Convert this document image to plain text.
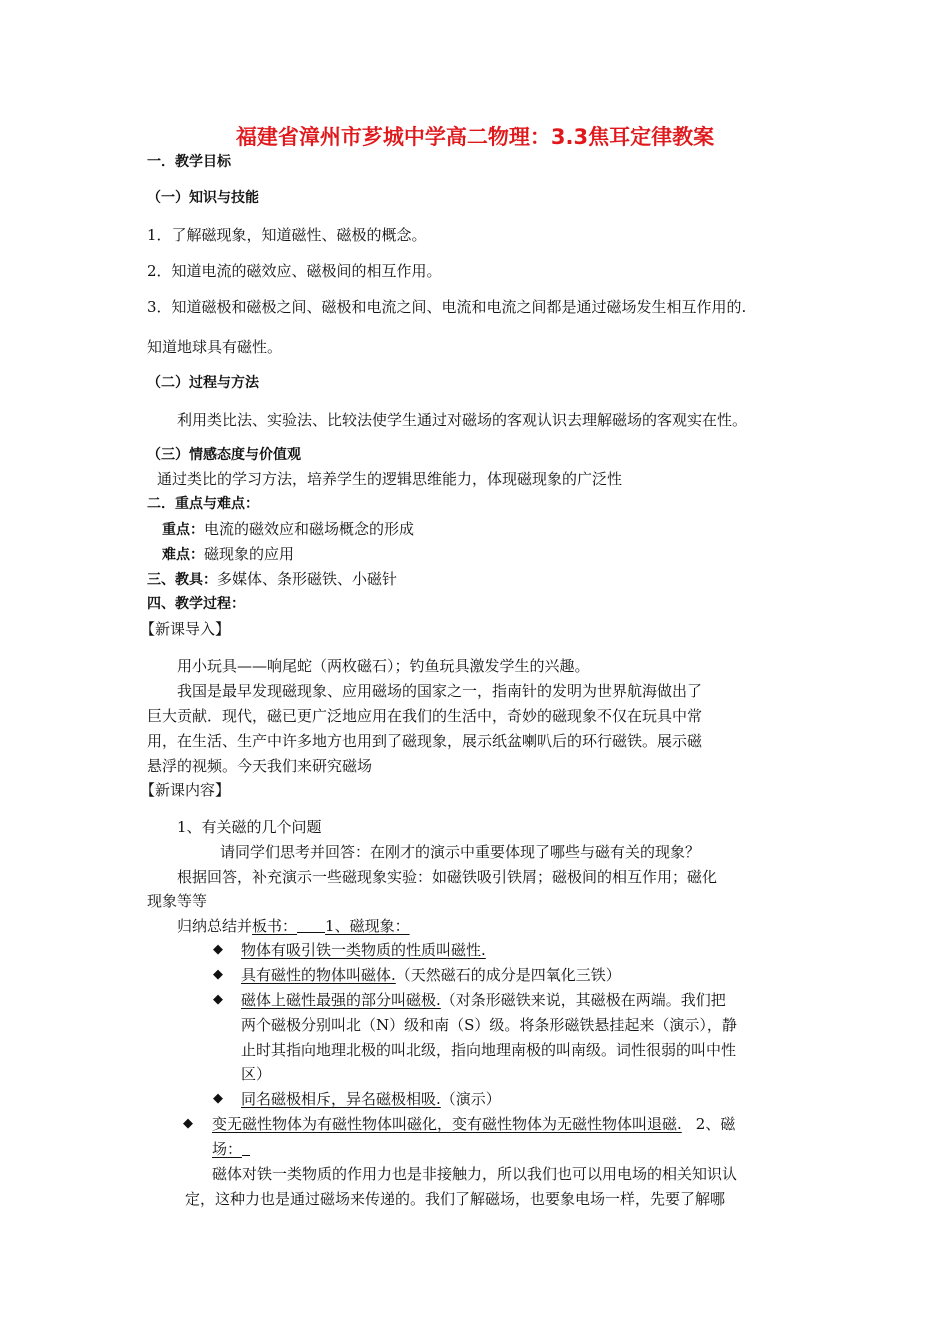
福建省漳州市芗城中学高二物理：3.3焦耳定律教案
一．教学目标
（一）知识与技能
1．了解磁现象，知道磁性、磁极的概念。
2．知道电流的磁效应、磁极间的相互作用。
3．知道磁极和磁极之间、磁极和电流之间、电流和电流之间都是通过磁场发生相互作用的.
知道地球具有磁性。
（二）过程与方法
利用类比法、实验法、比较法使学生通过对磁场的客观认识去理解磁场的客观实在性。
（三）情感态度与价值观
通过类比的学习方法，培养学生的逻辑思维能力，体现磁现象的广泛性
二．重点与难点：
重点：电流的磁效应和磁场概念的形成
难点：磁现象的应用
三、教具：多媒体、条形磁铁、小磁针
四、教学过程：
【新课导入】
用小玩具——响尾蛇（两枚磁石）；钓鱼玩具激发学生的兴趣。
我国是最早发现磁现象、应用磁场的国家之一，指南针的发明为世界航海做出了
巨大贡献．现代，磁已更广泛地应用在我们的生活中，奇妙的磁现象不仅在玩具中常
用，在生活、生产中许多地方也用到了磁现象，展示纸盆喇叭后的环行磁铁。展示磁
悬浮的视频。今天我们来研究磁场
【新课内容】
1、有关磁的几个问题
请同学们思考并回答：在刚才的演示中重要体现了哪些与磁有关的现象？
根据回答，补充演示一些磁现象实验：如磁铁吸引铁屑；磁极间的相互作用；磁化
现象等等
归纳总结并板书： 1、磁现象：
◆ 物体有吸引铁一类物质的性质叫磁性.
◆ 具有磁性的物体叫磁体.（天然磁石的成分是四氧化三铁）
◆ 磁体上磁性最强的部分叫磁极.（对条形磁铁来说，其磁极在两端。我们把
两个磁极分别叫北（N）级和南（S）级。将条形磁铁悬挂起来（演示），静
止时其指向地理北极的叫北级，指向地理南极的叫南级。词性很弱的叫中性
区）
◆ 同名磁极相斥，异名磁极相吸.（演示）
◆ 变无磁性物体为有磁性物体叫磁化，变有磁性物体为无磁性物体叫退磁. 2、磁
场：
磁体对铁一类物质的作用力也是非接触力，所以我们也可以用电场的相关知识认
定，这种力也是通过磁场来传递的。我们了解磁场，也要象电场一样，先要了解哪
